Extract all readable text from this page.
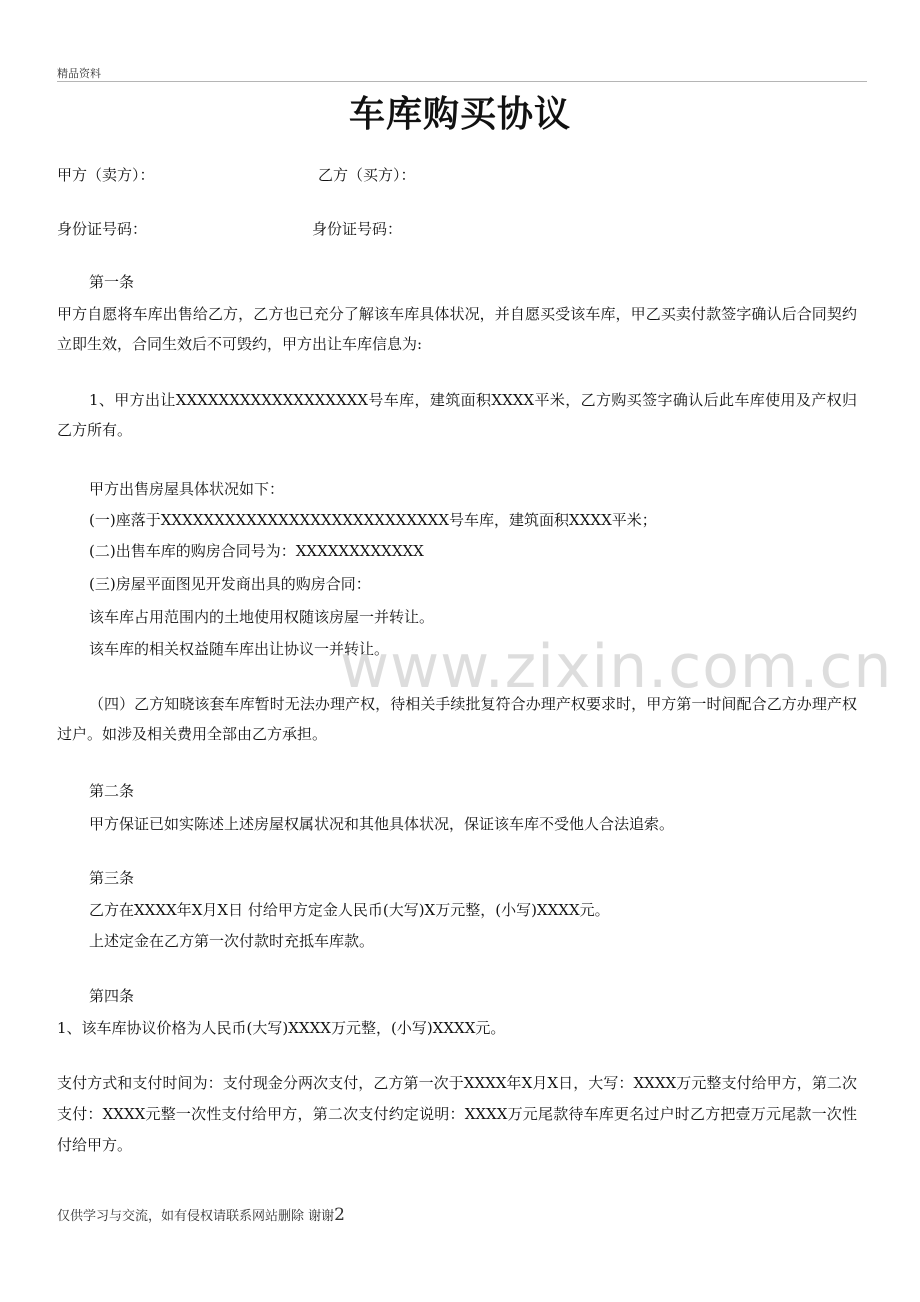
精品资料
车库购买协议
甲方（卖方）：	乙方（买方）：
身份证号码：	身份证号码：
第一条
甲方自愿将车库出售给乙方，乙方也已充分了解该车库具体状况，并自愿买受该车库，甲乙买卖付款签字确认后合同契约立即生效，合同生效后不可毁约，甲方出让车库信息为:
1、甲方出让XXXXXXXXXXXXXXXXXX号车库，建筑面积XXXX平米，乙方购买签字确认后此车库使用及产权归乙方所有。
甲方出售房屋具体状况如下：
(一)座落于XXXXXXXXXXXXXXXXXXXXXXXXXXX号车库，建筑面积XXXX平米；
(二)出售车库的购房合同号为：XXXXXXXXXXXX
(三)房屋平面图见开发商出具的购房合同：
该车库占用范围内的土地使用权随该房屋一并转让。
该车库的相关权益随车库出让协议一并转让。
（四）乙方知晓该套车库暂时无法办理产权，待相关手续批复符合办理产权要求时，甲方第一时间配合乙方办理产权过户。如涉及相关费用全部由乙方承担。
第二条
甲方保证已如实陈述上述房屋权属状况和其他具体状况，保证该车库不受他人合法追索。
第三条
乙方在XXXX年X月X日 付给甲方定金人民币(大写)X万元整，(小写)XXXX元。
上述定金在乙方第一次付款时充抵车库款。
第四条
1、该车库协议价格为人民币(大写)XXXX万元整，(小写)XXXX元。
支付方式和支付时间为：支付现金分两次支付，乙方第一次于XXXX年X月X日，大写：XXXX万元整支付给甲方，第二次支付：XXXX元整一次性支付给甲方，第二次支付约定说明：XXXX万元尾款待车库更名过户时乙方把壹万元尾款一次性付给甲方。
www.zixin.com.cn
仅供学习与交流，如有侵权请联系网站删除 谢谢2
